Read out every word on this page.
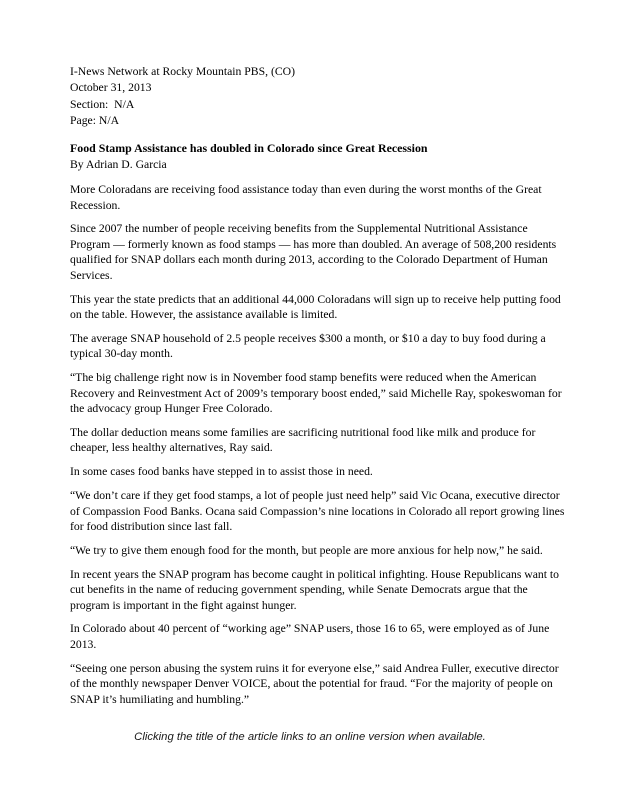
I-News Network at Rocky Mountain PBS, (CO)
October 31, 2013
Section:  N/A
Page: N/A
Food Stamp Assistance has doubled in Colorado since Great Recession
By Adrian D. Garcia

More Coloradans are receiving food assistance today than even during the worst months of the Great
Recession.

Since 2007 the number of people receiving benefits from the Supplemental Nutritional Assistance
Program — formerly known as food stamps — has more than doubled. An average of 508,200 residents
qualified for SNAP dollars each month during 2013, according to the Colorado Department of Human
Services.

This year the state predicts that an additional 44,000 Coloradans will sign up to receive help putting food
on the table. However, the assistance available is limited.

The average SNAP household of 2.5 people receives $300 a month, or $10 a day to buy food during a
typical 30-day month.

“The big challenge right now is in November food stamp benefits were reduced when the American
Recovery and Reinvestment Act of 2009’s temporary boost ended,” said Michelle Ray, spokeswoman for
the advocacy group Hunger Free Colorado.

The dollar deduction means some families are sacrificing nutritional food like milk and produce for
cheaper, less healthy alternatives, Ray said.

In some cases food banks have stepped in to assist those in need.

“We don’t care if they get food stamps, a lot of people just need help” said Vic Ocana, executive director
of Compassion Food Banks. Ocana said Compassion’s nine locations in Colorado all report growing lines
for food distribution since last fall.

“We try to give them enough food for the month, but people are more anxious for help now,” he said.

In recent years the SNAP program has become caught in political infighting. House Republicans want to
cut benefits in the name of reducing government spending, while Senate Democrats argue that the
program is important in the fight against hunger.

In Colorado about 40 percent of “working age” SNAP users, those 16 to 65, were employed as of June
2013.

“Seeing one person abusing the system ruins it for everyone else,” said Andrea Fuller, executive director
of the monthly newspaper Denver VOICE, about the potential for fraud. “For the majority of people on
SNAP it’s humiliating and humbling.”

Clicking the title of the article links to an online version when available.
